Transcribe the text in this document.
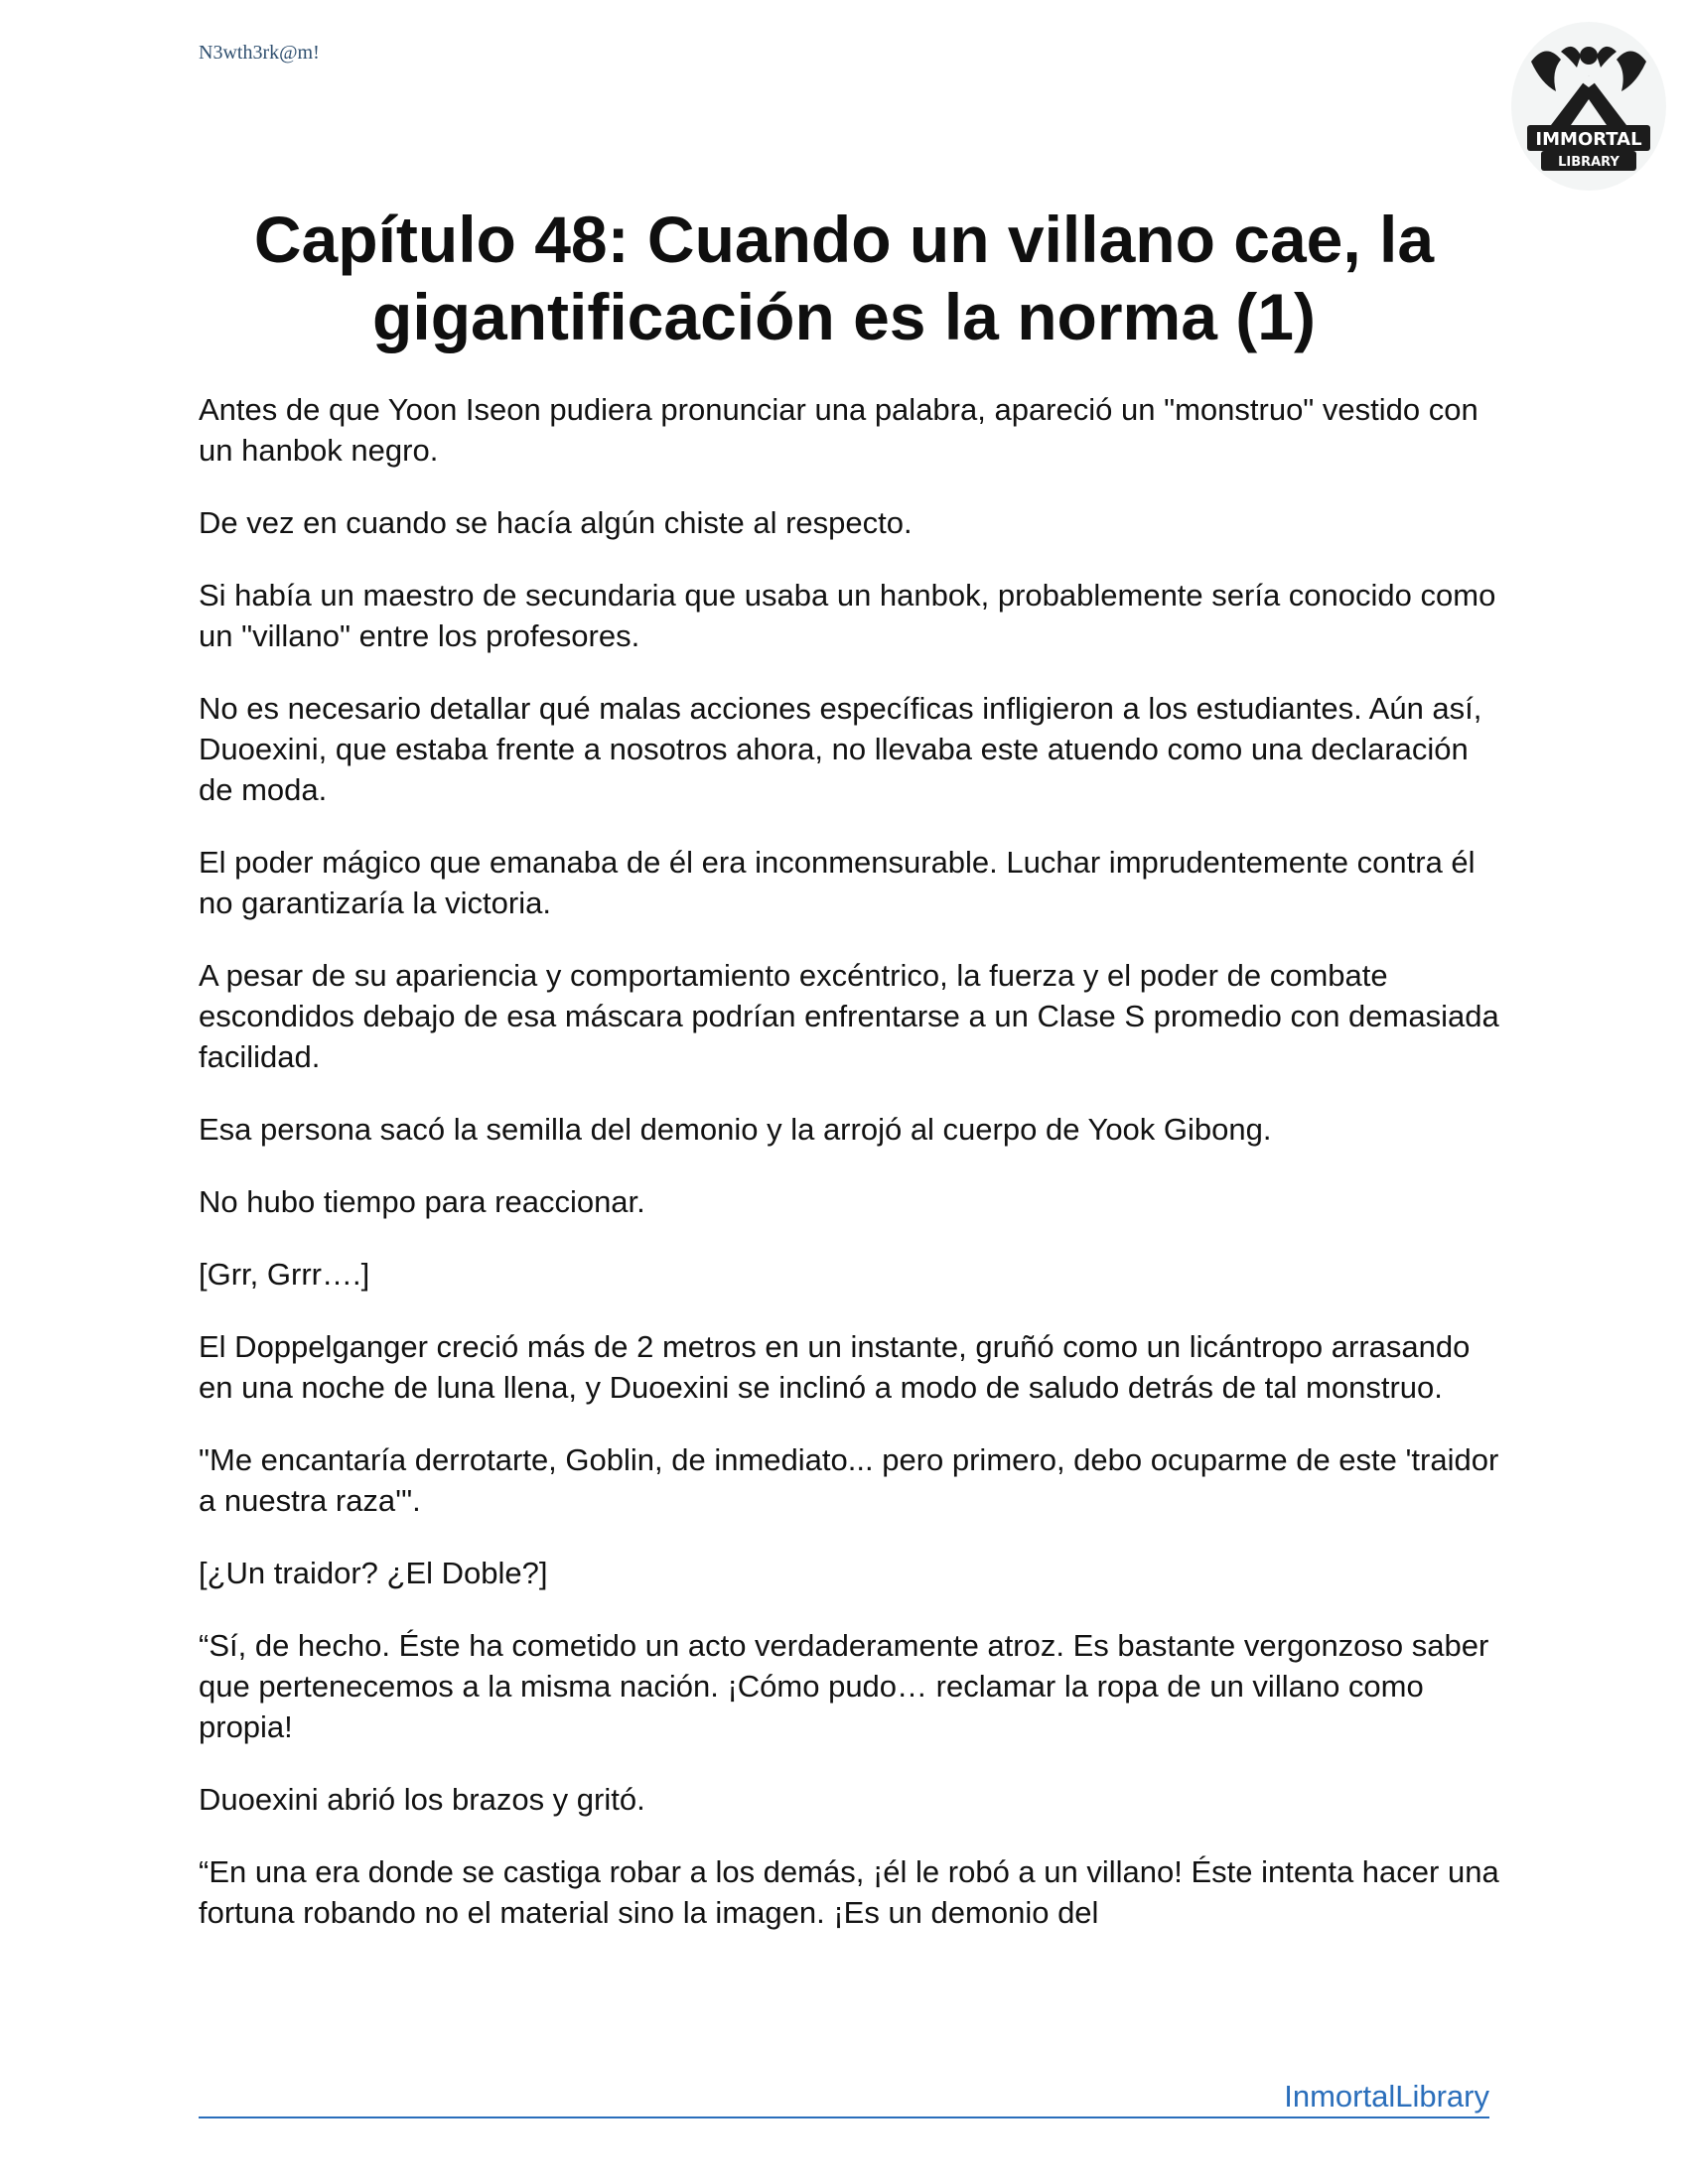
N3wth3rk@m!
IMMORTAL
LIBRARY
Capítulo 48: Cuando un villano cae, la gigantificación es la norma (1)

Antes de que Yoon Iseon pudiera pronunciar una palabra, apareció un "monstruo" vestido con un hanbok negro.

De vez en cuando se hacía algún chiste al respecto.

Si había un maestro de secundaria que usaba un hanbok, probablemente sería conocido como un "villano" entre los profesores.

No es necesario detallar qué malas acciones específicas infligieron a los estudiantes. Aún así, Duoexini, que estaba frente a nosotros ahora, no llevaba este atuendo como una declaración de moda.

El poder mágico que emanaba de él era inconmensurable. Luchar imprudentemente contra él no garantizaría la victoria.

A pesar de su apariencia y comportamiento excéntrico, la fuerza y el poder de combate escondidos debajo de esa máscara podrían enfrentarse a un Clase S promedio con demasiada facilidad.

Esa persona sacó la semilla del demonio y la arrojó al cuerpo de Yook Gibong.

No hubo tiempo para reaccionar.

[Grr, Grrr….]

El Doppelganger creció más de 2 metros en un instante, gruñó como un licántropo arrasando en una noche de luna llena, y Duoexini se inclinó a modo de saludo detrás de tal monstruo.

"Me encantaría derrotarte, Goblin, de inmediato... pero primero, debo ocuparme de este 'traidor a nuestra raza'".

[¿Un traidor? ¿El Doble?]

“Sí, de hecho. Éste ha cometido un acto verdaderamente atroz. Es bastante vergonzoso saber que pertenecemos a la misma nación. ¡Cómo pudo… reclamar la ropa de un villano como propia!

Duoexini abrió los brazos y gritó.

“En una era donde se castiga robar a los demás, ¡él le robó a un villano! Éste intenta hacer una fortuna robando no el material sino la imagen. ¡Es un demonio del

InmortalLibrary
